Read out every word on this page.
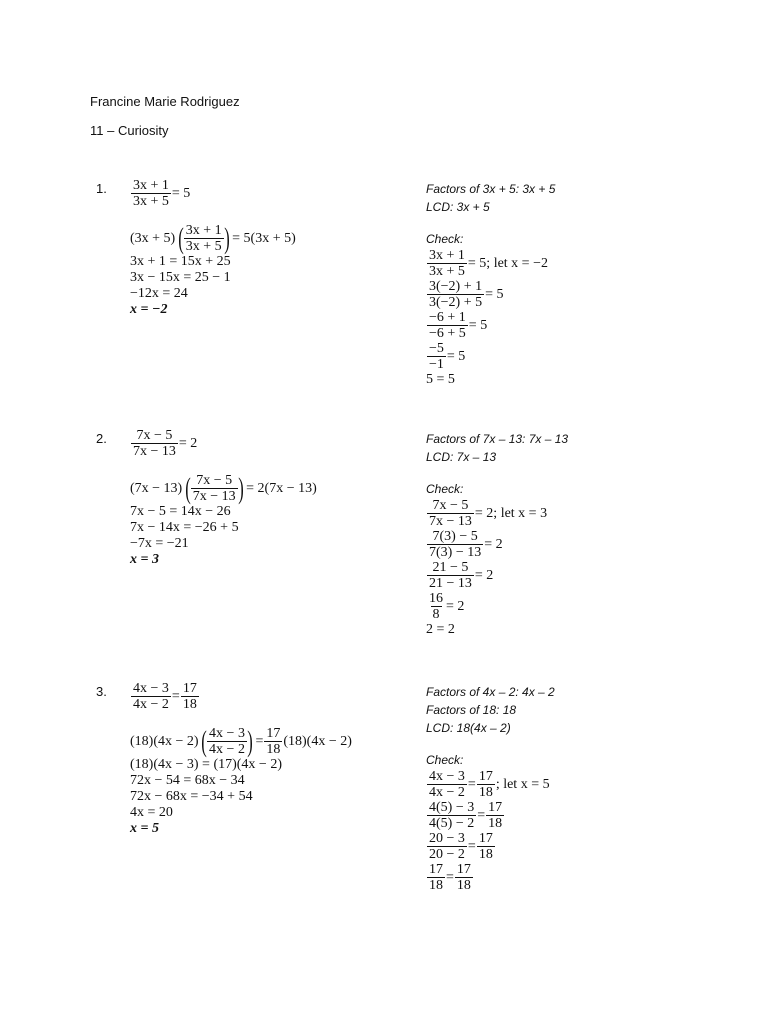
Francine Marie Rodriguez
11 – Curiosity
1. $\frac{3x + 1}{3x + 5} = 5$
(3x + 5)
( $\frac{3x + 1}{3x + 5}$ )
= 5(3x + 5)
3x + 1 = 15x + 25
3x − 15x = 25 − 1
−12x = 24
x = −2
Factors of 3x + 5: 3x + 5
LCD: 3x + 5
Check:
$\frac{3x + 1}{3x + 5} = 5$; let x = −2
$\frac{3(-2) + 1}{3(-2) + 5} = 5$
$\frac{-6 + 1}{-6 + 5} = 5$
$\frac{-5}{-1} = 5$
5 = 5
2. $\frac{7x - 5}{7x - 13} = 2$
(7x − 13)
( $\frac{7x - 5}{7x - 13}$ )
= 2(7x − 13)
7x − 5 = 14x − 26
7x − 14x = −26 + 5
−7x = −21
x = 3
Factors of 7x – 13: 7x – 13
LCD: 7x – 13
Check:
$\frac{7x - 5}{7x - 13} = 2$; let x = 3
$\frac{7(3) - 5}{7(3) - 13} = 2$
$\frac{21 - 5}{21 - 13} = 2$
$\frac{16}{8} = 2$
2 = 2
3. $\frac{4x - 3}{4x - 2} = \frac{17}{18}$
(18)(4x − 2)
( $\frac{4x - 3}{4x - 2}$ )
= $\frac{17}{18} (18)(4x - 2)$
(18)(4x − 3) = (17)(4x − 2)
72x − 54 = 68x − 34
72x − 68x = −34 + 54
4x = 20
x = 5
Factors of 4x – 2: 4x – 2
Factors of 18: 18
LCD: 18(4x – 2)
Check:
$\frac{4x - 3}{4x - 2} = \frac{17}{18}$ ; let x = 5
$\frac{4(5) - 3}{4(5) - 2} = \frac{17}{18}$
$\frac{20 - 3}{20 - 2} = \frac{17}{18}$
$\frac{17}{18} = \frac{17}{18}$
